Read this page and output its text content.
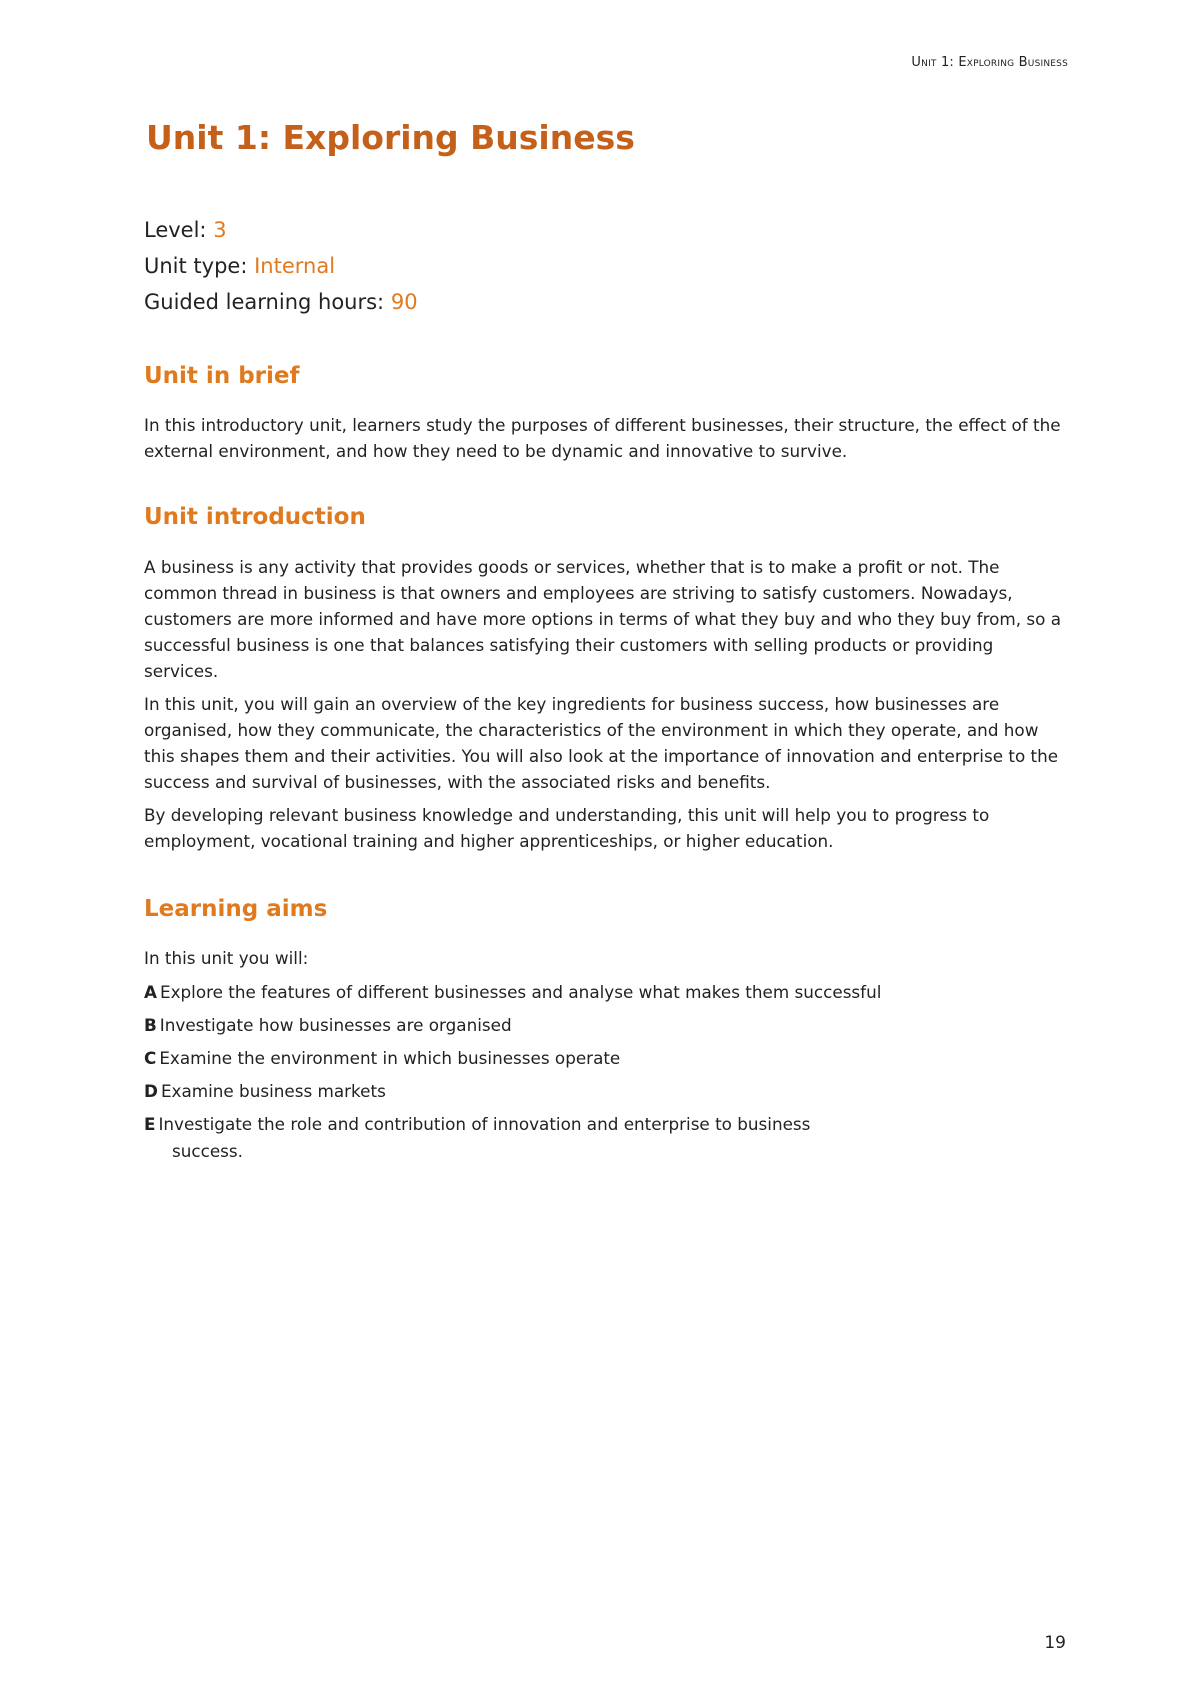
Unit 1: Exploring Business
Unit 1: Exploring Business
Level: 3
Unit type: Internal
Guided learning hours: 90
Unit in brief

In this introductory unit, learners study the purposes of different businesses, their structure, the effect of the external environment, and how they need to be dynamic and innovative to survive.

Unit introduction

A business is any activity that provides goods or services, whether that is to make a profit or not. The common thread in business is that owners and employees are striving to satisfy customers. Nowadays, customers are more informed and have more options in terms of what they buy and who they buy from, so a successful business is one that balances satisfying their customers with selling products or providing services.

In this unit, you will gain an overview of the key ingredients for business success, how businesses are organised, how they communicate, the characteristics of the environment in which they operate, and how this shapes them and their activities. You will also look at the importance of innovation and enterprise to the success and survival of businesses, with the associated risks and benefits.

By developing relevant business knowledge and understanding, this unit will help you to progress to employment, vocational training and higher apprenticeships, or higher education.

Learning aims

In this unit you will:

A Explore the features of different businesses and analyse what makes them successful
B Investigate how businesses are organised
C Examine the environment in which businesses operate
D Examine business markets
E Investigate the role and contribution of innovation and enterprise to business success.
19
